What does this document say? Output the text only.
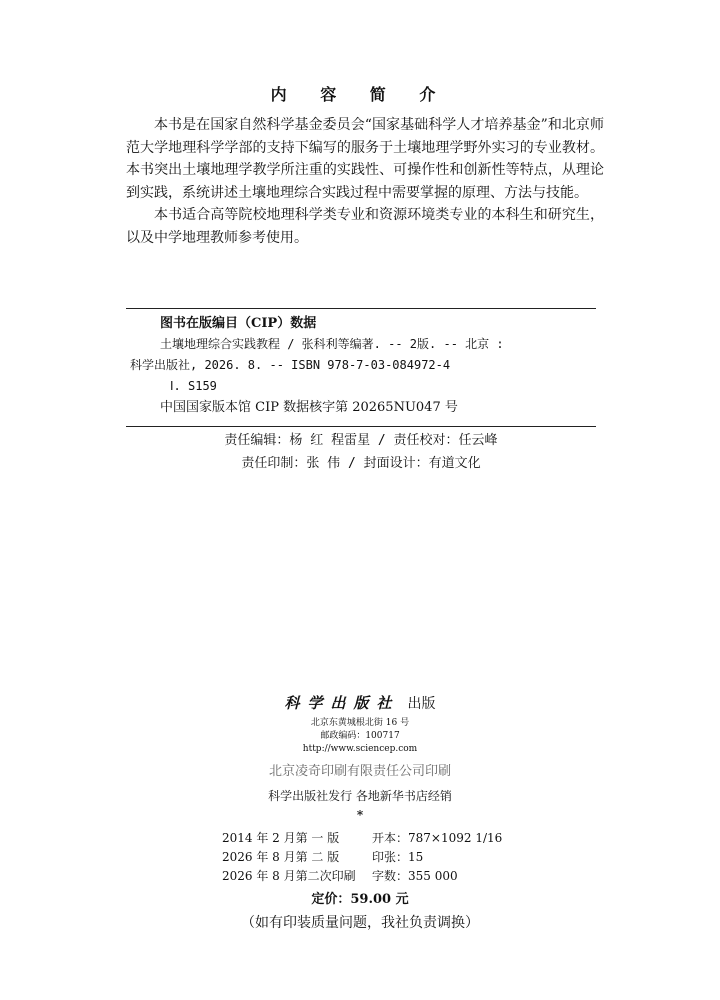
内 容 简 介

本书是在国家自然科学基金委员会“国家基础科学人才培养基金”和北京师范大学地理科学学部的支持下编写的服务于土壤地理学野外实习的专业教材。本书突出土壤地理学教学所注重的实践性、可操作性和创新性等特点，从理论到实践，系统讲述土壤地理综合实践过程中需要掌握的原理、方法与技能。

本书适合高等院校地理科学类专业和资源环境类专业的本科生和研究生，以及中学地理教师参考使用。

图书在版编目（CIP）数据
土壤地理综合实践教程 / 张科利等编著. -- 2版. -- 北京 :
科学出版社, 2026. 8. -- ISBN 978-7-03-084972-4
Ⅰ. S159
中国国家版本馆 CIP 数据核字第 20265NU047 号
责任编辑：杨 红 程雷星 / 责任校对：任云峰
责任印制：张 伟 / 封面设计：有道文化
科学出版社 出版
北京东黄城根北街 16 号
邮政编码：100717
http://www.sciencep.com
北京凌奇印刷有限责任公司印刷
科学出版社发行 各地新华书店经销
*
2014 年 2 月第 一 版	开本：787×1092 1/16
2026 年 8 月第 二 版	印张：15
2026 年 8 月第二次印刷 字数：355 000
定价：59.00 元
（如有印装质量问题，我社负责调换）
